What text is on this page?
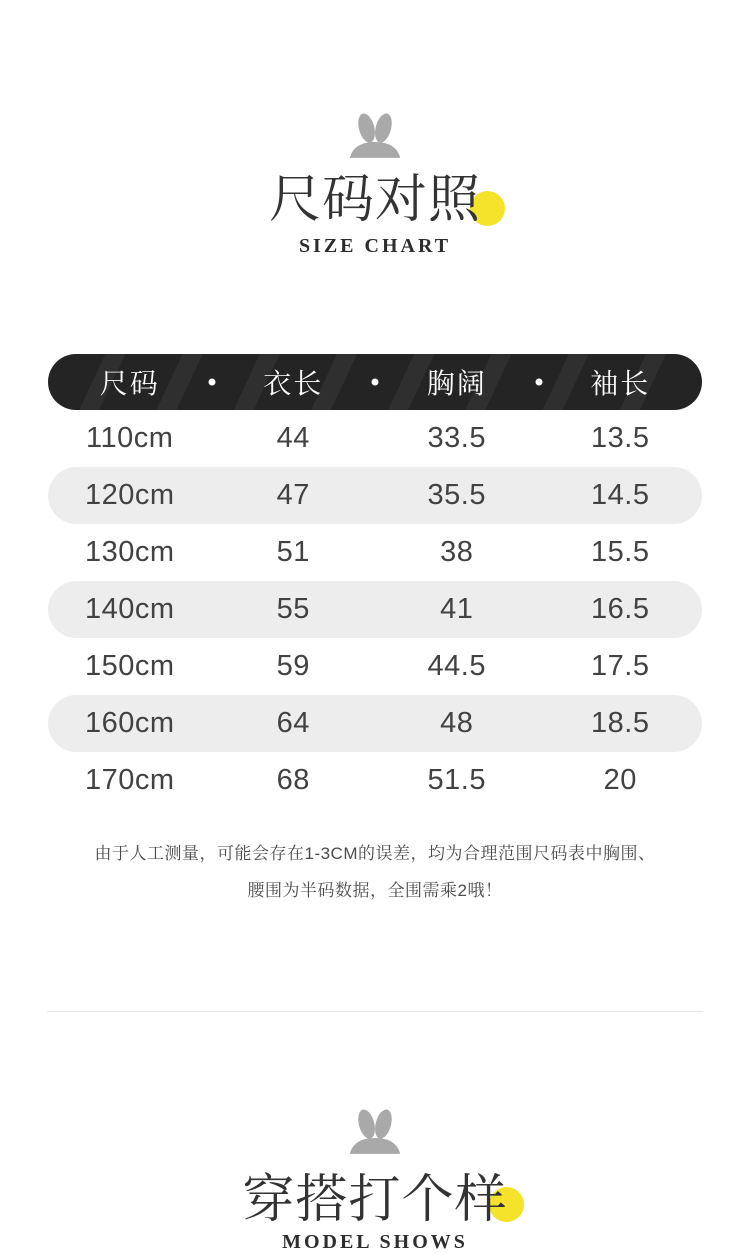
尺码对照
SIZE CHART
尺码	衣长	胸阔	袖长
110cm	44	33.5	13.5
120cm	47	35.5	14.5
130cm	51	38	15.5
140cm	55	41	16.5
150cm	59	44.5	17.5
160cm	64	48	18.5
170cm	68	51.5	20
由于人工测量，可能会存在1-3CM的误差，均为合理范围尺码表中胸围、
腰围为半码数据，全围需乘2哦！
穿搭打个样
MODEL SHOWS
